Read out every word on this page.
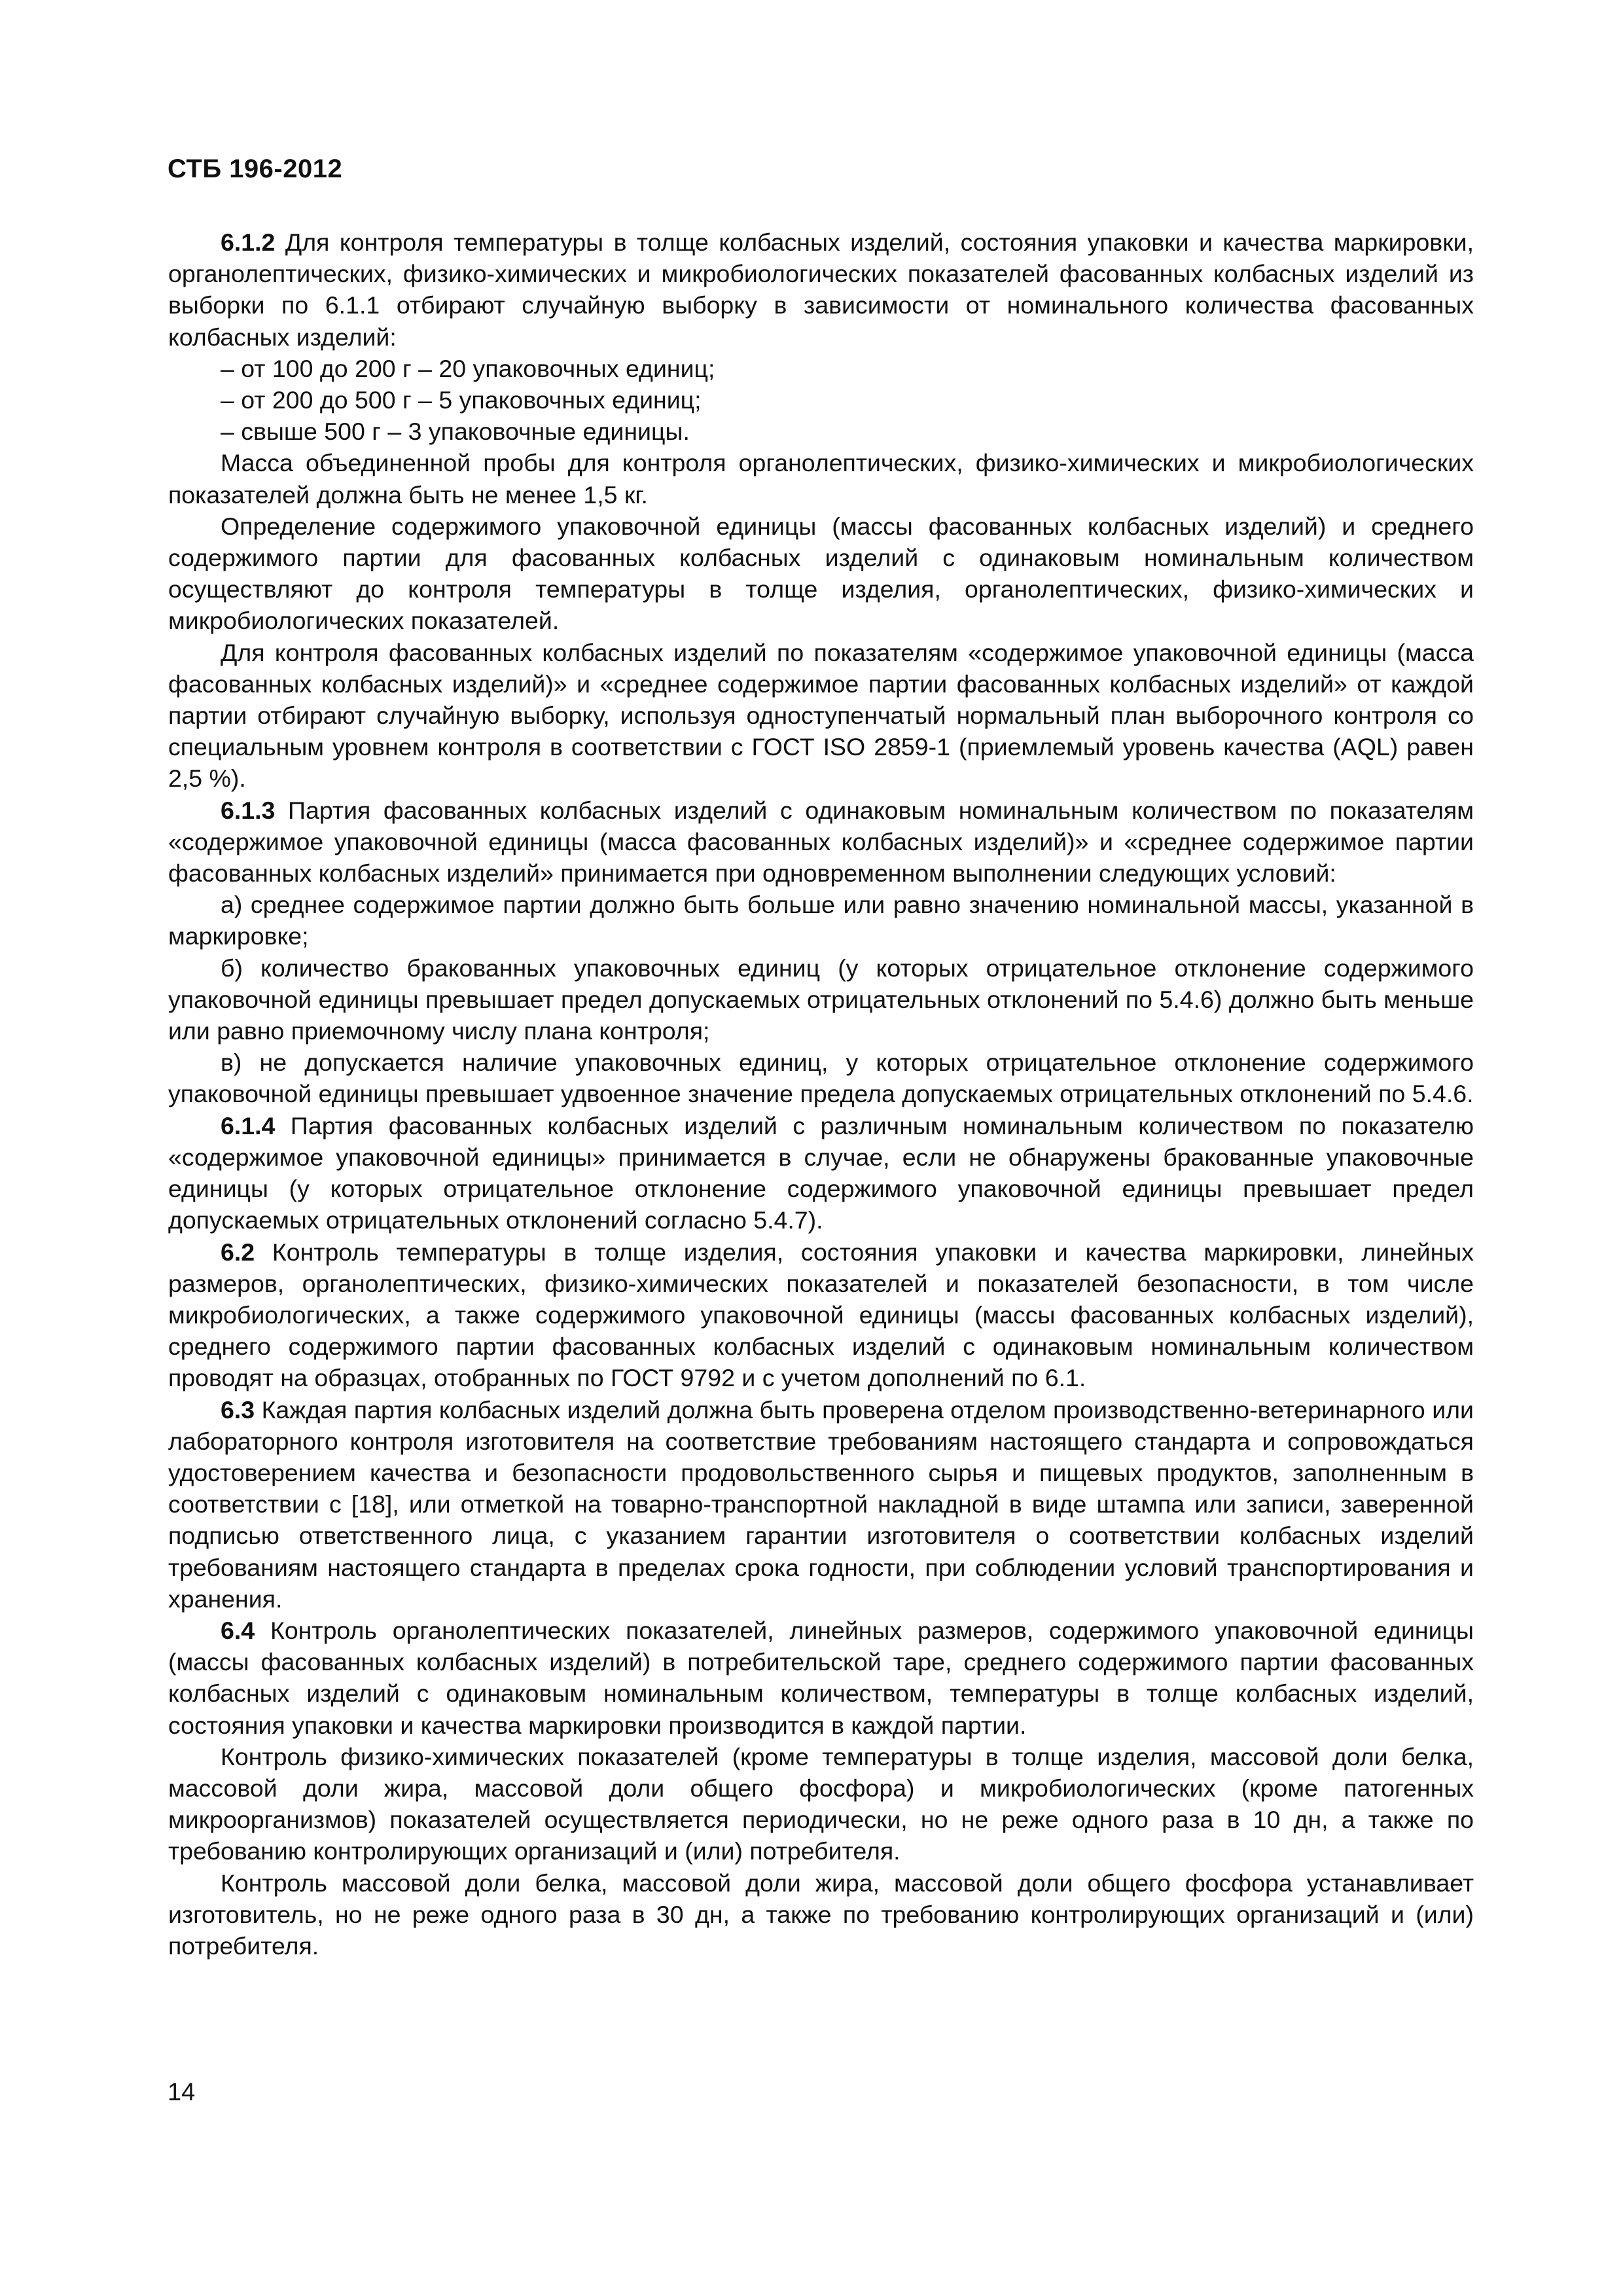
СТБ 196-2012

6.1.2 Для контроля температуры в толще колбасных изделий, состояния упаковки и качества маркировки, органолептических, физико-химических и микробиологических показателей фасованных колбасных изделий из выборки по 6.1.1 отбирают случайную выборку в зависимости от номинального количества фасованных колбасных изделий:

– от 100 до 200 г – 20 упаковочных единиц;

– от 200 до 500 г – 5 упаковочных единиц;

– свыше 500 г – 3 упаковочные единицы.

Масса объединенной пробы для контроля органолептических, физико-химических и микробиологических показателей должна быть не менее 1,5 кг.

Определение содержимого упаковочной единицы (массы фасованных колбасных изделий) и среднего содержимого партии для фасованных колбасных изделий с одинаковым номинальным количеством осуществляют до контроля температуры в толще изделия, органолептических, физико-химических и микробиологических показателей.

Для контроля фасованных колбасных изделий по показателям «содержимое упаковочной единицы (масса фасованных колбасных изделий)» и «среднее содержимое партии фасованных колбасных изделий» от каждой партии отбирают случайную выборку, используя одноступенчатый нормальный план выборочного контроля со специальным уровнем контроля в соответствии с ГОСТ ISO 2859-1 (приемлемый уровень качества (AQL) равен 2,5 %).

6.1.3 Партия фасованных колбасных изделий с одинаковым номинальным количеством по показателям «содержимое упаковочной единицы (масса фасованных колбасных изделий)» и «среднее содержимое партии фасованных колбасных изделий» принимается при одновременном выполнении следующих условий:

а) среднее содержимое партии должно быть больше или равно значению номинальной массы, указанной в маркировке;

б) количество бракованных упаковочных единиц (у которых отрицательное отклонение содержимого упаковочной единицы превышает предел допускаемых отрицательных отклонений по 5.4.6) должно быть меньше или равно приемочному числу плана контроля;

в) не допускается наличие упаковочных единиц, у которых отрицательное отклонение содержимого упаковочной единицы превышает удвоенное значение предела допускаемых отрицательных отклонений по 5.4.6.

6.1.4 Партия фасованных колбасных изделий с различным номинальным количеством по показателю «содержимое упаковочной единицы» принимается в случае, если не обнаружены бракованные упаковочные единицы (у которых отрицательное отклонение содержимого упаковочной единицы превышает предел допускаемых отрицательных отклонений согласно 5.4.7).

6.2 Контроль температуры в толще изделия, состояния упаковки и качества маркировки, линейных размеров, органолептических, физико-химических показателей и показателей безопасности, в том числе микробиологических, а также содержимого упаковочной единицы (массы фасованных колбасных изделий), среднего содержимого партии фасованных колбасных изделий с одинаковым номинальным количеством проводят на образцах, отобранных по ГОСТ 9792 и с учетом дополнений по 6.1.

6.3 Каждая партия колбасных изделий должна быть проверена отделом производственно-ветеринарного или лабораторного контроля изготовителя на соответствие требованиям настоящего стандарта и сопровождаться удостоверением качества и безопасности продовольственного сырья и пищевых продуктов, заполненным в соответствии с [18], или отметкой на товарно-транспортной накладной в виде штампа или записи, заверенной подписью ответственного лица, с указанием гарантии изготовителя о соответствии колбасных изделий требованиям настоящего стандарта в пределах срока годности, при соблюдении условий транспортирования и хранения.

6.4 Контроль органолептических показателей, линейных размеров, содержимого упаковочной единицы (массы фасованных колбасных изделий) в потребительской таре, среднего содержимого партии фасованных колбасных изделий с одинаковым номинальным количеством, температуры в толще колбасных изделий, состояния упаковки и качества маркировки производится в каждой партии.

Контроль физико-химических показателей (кроме температуры в толще изделия, массовой доли белка, массовой доли жира, массовой доли общего фосфора) и микробиологических (кроме патогенных микроорганизмов) показателей осуществляется периодически, но не реже одного раза в 10 дн, а также по требованию контролирующих организаций и (или) потребителя.

Контроль массовой доли белка, массовой доли жира, массовой доли общего фосфора устанавливает изготовитель, но не реже одного раза в 30 дн, а также по требованию контролирующих организаций и (или) потребителя.

14
